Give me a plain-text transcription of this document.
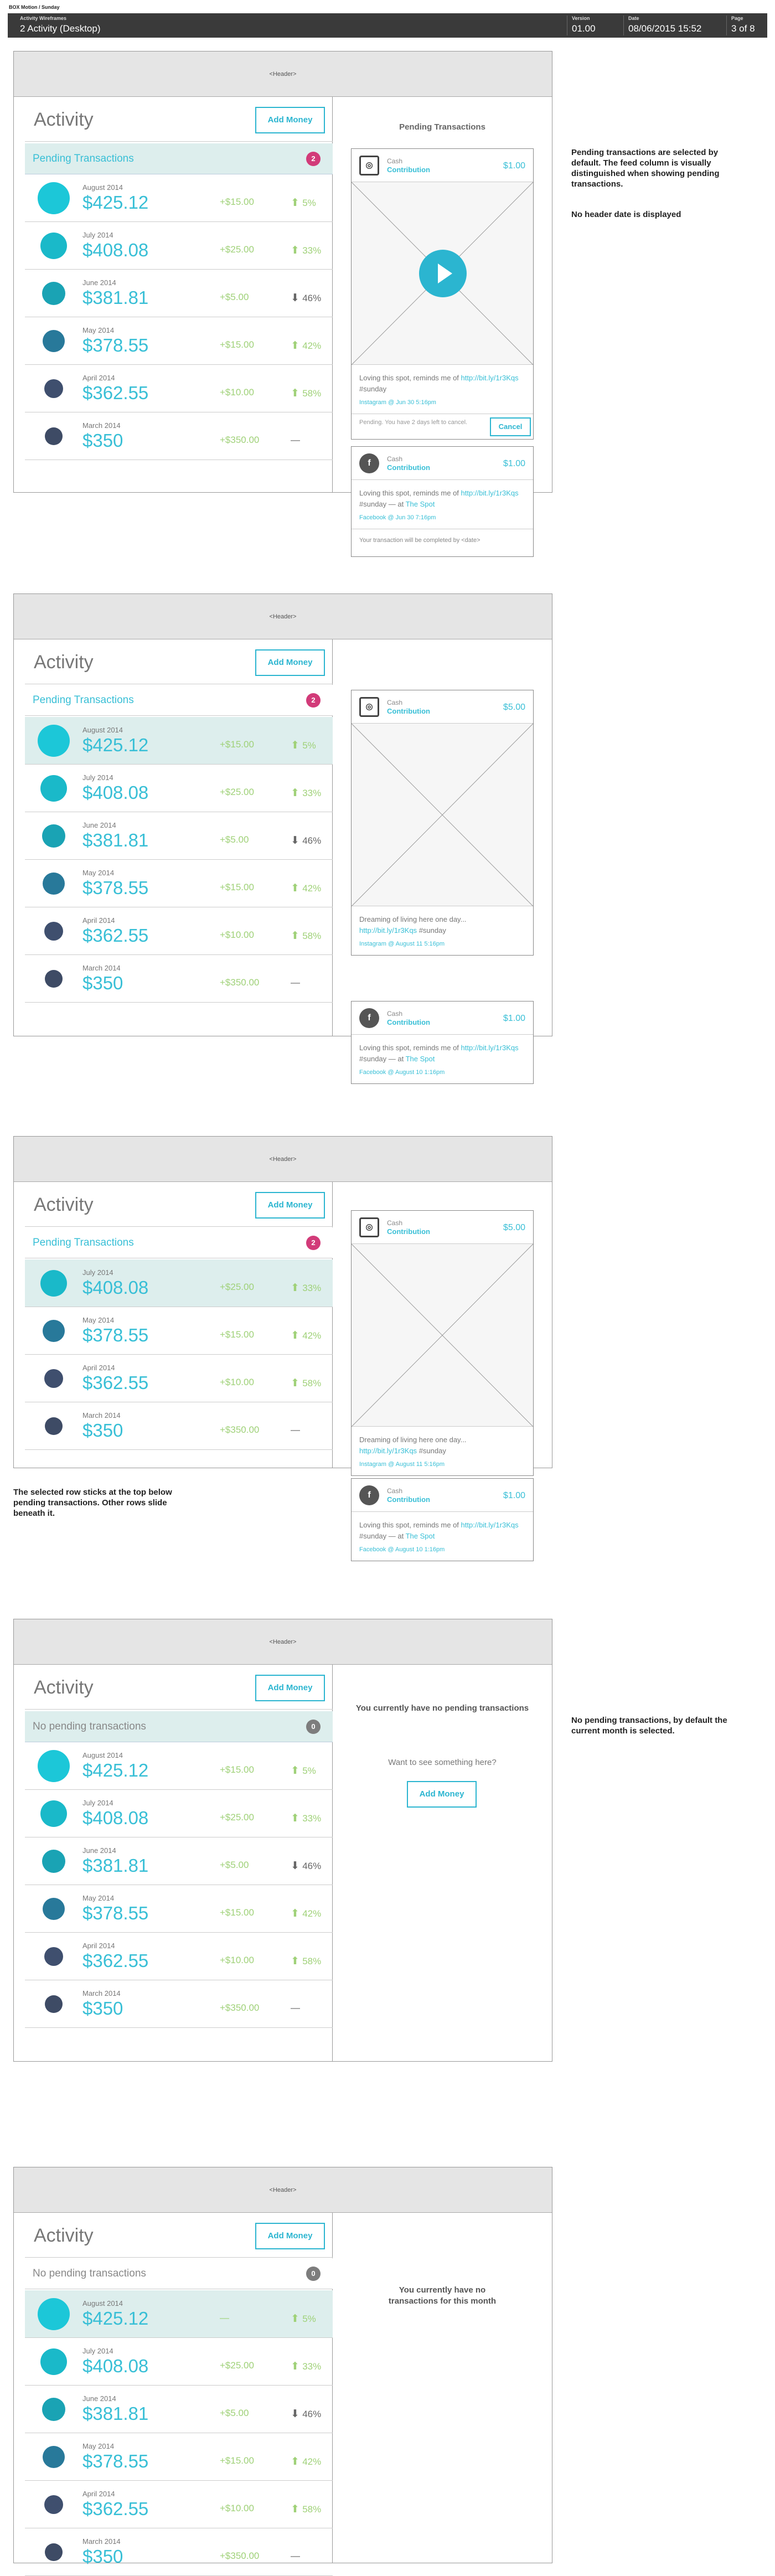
BOX Motion / Sunday
Activity Wireframes
2 Activity (Desktop)
Version
01.00
Date
08/06/2015 15:52
Page
3 of 8
<Header>
Activity	Add Money
Pending Transactions	2
August 2014
$425.12	+$15.00	⬆ 5%
July 2014
$408.08	+$25.00	⬆ 33%
June 2014
$381.81	+$5.00	⬇ 46%
May 2014
$378.55	+$15.00	⬆ 42%
April 2014
$362.55	+$10.00	⬆ 58%
March 2014
$350	+$350.00	—
Pending Transactions
◎	Cash
Contribution	$1.00
Loving this spot, reminds me of http://bit.ly/1r3Kqs #sunday
Instagram @ Jun 30 5:16pm
Pending. You have 2 days left to cancel.	Cancel
f	Cash
Contribution	$1.00
Loving this spot, reminds me of http://bit.ly/1r3Kqs #sunday — at The Spot
Facebook @ Jun 30 7:16pm
Your transaction will be completed by <date>
Pending transactions are selected by default. The feed column is visually distinguished when showing pending transactions.
No header date is displayed
<Header>
Activity	Add Money
Pending Transactions	2
August 2014
$425.12	+$15.00	⬆ 5%
July 2014
$408.08	+$25.00	⬆ 33%
June 2014
$381.81	+$5.00	⬇ 46%
May 2014
$378.55	+$15.00	⬆ 42%
April 2014
$362.55	+$10.00	⬆ 58%
March 2014
$350	+$350.00	—
◎	Cash
Contribution	$5.00
Dreaming of living here one day... http://bit.ly/1r3Kqs #sunday
Instagram @ August 11 5:16pm
f	Cash
Contribution	$1.00
Loving this spot, reminds me of http://bit.ly/1r3Kqs #sunday — at The Spot
Facebook @ August 10 1:16pm
<Header>
Activity	Add Money
Pending Transactions	2
July 2014
$408.08	+$25.00	⬆ 33%
May 2014
$378.55	+$15.00	⬆ 42%
April 2014
$362.55	+$10.00	⬆ 58%
March 2014
$350	+$350.00	—
◎	Cash
Contribution	$5.00
Dreaming of living here one day... http://bit.ly/1r3Kqs #sunday
Instagram @ August 11 5:16pm
f	Cash
Contribution	$1.00
Loving this spot, reminds me of http://bit.ly/1r3Kqs #sunday — at The Spot
Facebook @ August 10 1:16pm
The selected row sticks at the top below pending transactions. Other rows slide beneath it.
<Header>
Activity	Add Money
No pending transactions	0
August 2014
$425.12	+$15.00	⬆ 5%
July 2014
$408.08	+$25.00	⬆ 33%
June 2014
$381.81	+$5.00	⬇ 46%
May 2014
$378.55	+$15.00	⬆ 42%
April 2014
$362.55	+$10.00	⬆ 58%
March 2014
$350	+$350.00	—
You currently have no pending transactions
Want to see something here?
Add Money
No pending transactions, by default the current month is selected.
<Header>
Activity	Add Money
No pending transactions	0
August 2014
$425.12	—	⬆ 5%
July 2014
$408.08	+$25.00	⬆ 33%
June 2014
$381.81	+$5.00	⬇ 46%
May 2014
$378.55	+$15.00	⬆ 42%
April 2014
$362.55	+$10.00	⬆ 58%
March 2014
$350	+$350.00	—
You currently have no transactions for this month
